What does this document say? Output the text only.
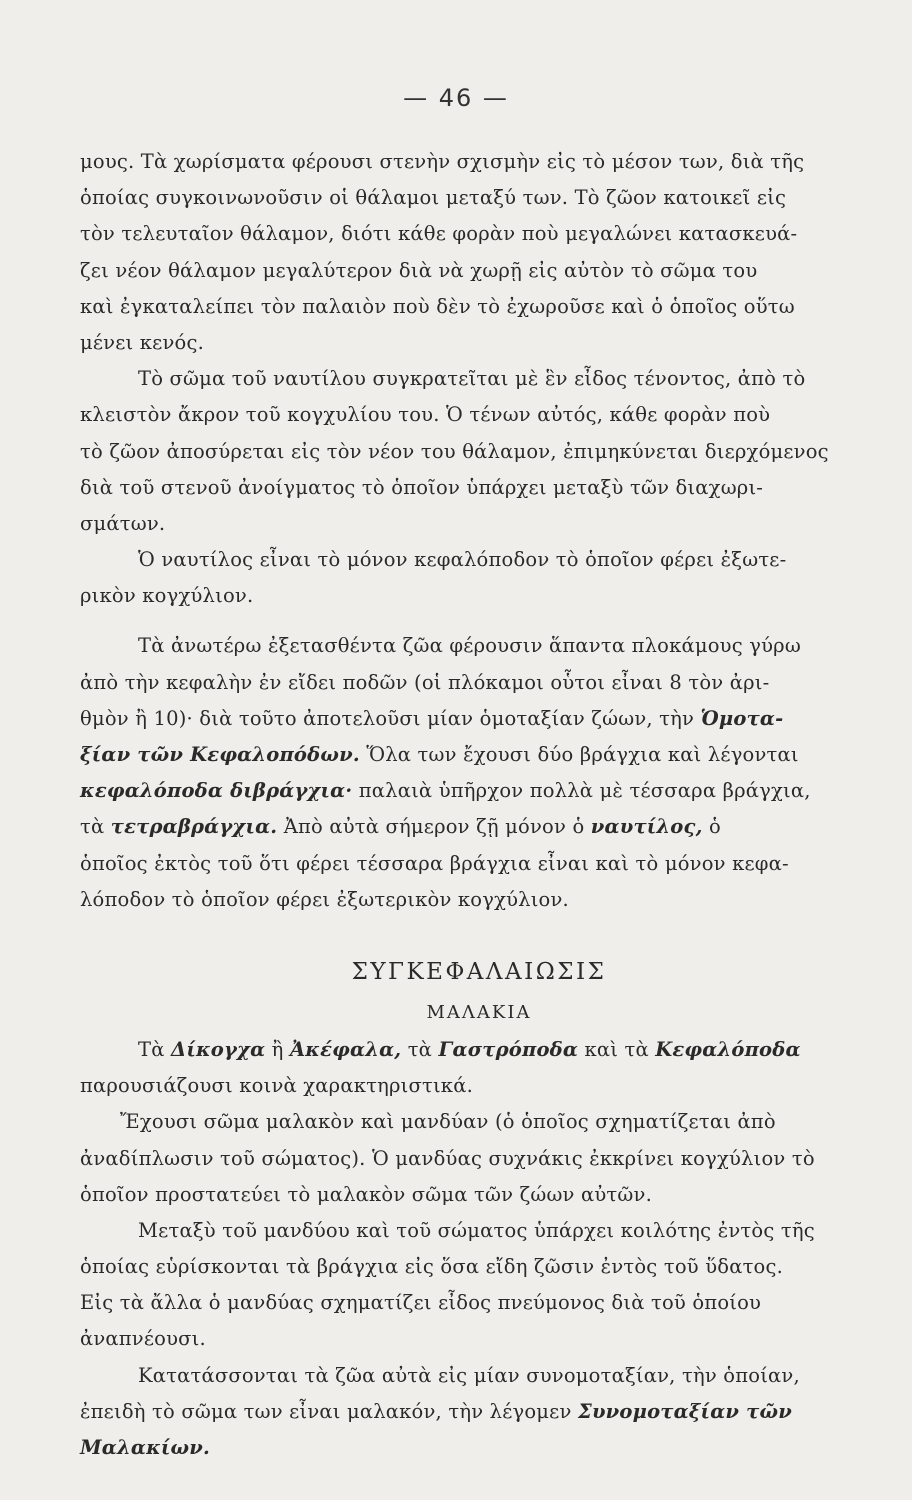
— 46 —
μους. Τὰ χωρίσματα φέρουσι στενὴν σχισμὴν εἰς τὸ μέσον των, διὰ τῆς
ὁποίας συγκοινωνοῦσιν οἱ θάλαμοι μεταξύ των. Τὸ ζῶον κατοικεῖ εἰς
τὸν τελευταῖον θάλαμον, διότι κάθε φορὰν ποὺ μεγαλώνει κατασκευά-
ζει νέον θάλαμον μεγαλύτερον διὰ νὰ χωρῇ εἰς αὐτὸν τὸ σῶμα του
καὶ ἐγκαταλείπει τὸν παλαιὸν ποὺ δὲν τὸ ἐχωροῦσε καὶ ὁ ὁποῖος οὕτω
μένει κενός.
Τὸ σῶμα τοῦ ναυτίλου συγκρατεῖται μὲ ἓν εἶδος τένοντος, ἀπὸ τὸ
κλειστὸν ἄκρον τοῦ κογχυλίου του. Ὁ τένων αὐτός, κάθε φορὰν ποὺ
τὸ ζῶον ἀποσύρεται εἰς τὸν νέον του θάλαμον, ἐπιμηκύνεται διερχόμενος
διὰ τοῦ στενοῦ ἀνοίγματος τὸ ὁποῖον ὑπάρχει μεταξὺ τῶν διαχωρι-
σμάτων.
Ὁ ναυτίλος εἶναι τὸ μόνον κεφαλόποδον τὸ ὁποῖον φέρει ἐξωτε-
ρικὸν κογχύλιον.
Τὰ ἀνωτέρω ἐξετασθέντα ζῶα φέρουσιν ἅπαντα πλοκάμους γύρω
ἀπὸ τὴν κεφαλὴν ἐν εἴδει ποδῶν (οἱ πλόκαμοι οὗτοι εἶναι 8 τὸν ἀρι-
θμὸν ἢ 10)· διὰ τοῦτο ἀποτελοῦσι μίαν ὁμοταξίαν ζώων, τὴν Ὁμοτα-
ξίαν τῶν Κεφαλοπόδων. Ὅλα των ἔχουσι δύο βράγχια καὶ λέγονται
κεφαλόποδα διβράγχια· παλαιὰ ὑπῆρχον πολλὰ μὲ τέσσαρα βράγχια,
τὰ τετραβράγχια. Ἀπὸ αὐτὰ σήμερον ζῇ μόνον ὁ ναυτίλος, ὁ
ὁποῖος ἐκτὸς τοῦ ὅτι φέρει τέσσαρα βράγχια εἶναι καὶ τὸ μόνον κεφα-
λόποδον τὸ ὁποῖον φέρει ἐξωτερικὸν κογχύλιον.
ΣΥΓΚΕΦΑΛΑΙΩΣΙΣ
ΜΑΛΑΚΙΑ
Τὰ Δίκογχα ἢ Ἀκέφαλα, τὰ Γαστρόποδα καὶ τὰ Κεφαλόποδα
παρουσιάζουσι κοινὰ χαρακτηριστικά.
Ἔχουσι σῶμα μαλακὸν καὶ μανδύαν (ὁ ὁποῖος σχηματίζεται ἀπὸ
ἀναδίπλωσιν τοῦ σώματος). Ὁ μανδύας συχνάκις ἐκκρίνει κογχύλιον τὸ
ὁποῖον προστατεύει τὸ μαλακὸν σῶμα τῶν ζώων αὐτῶν.
Μεταξὺ τοῦ μανδύου καὶ τοῦ σώματος ὑπάρχει κοιλότης ἐντὸς τῆς
ὁποίας εὑρίσκονται τὰ βράγχια εἰς ὅσα εἴδη ζῶσιν ἐντὸς τοῦ ὕδατος.
Εἰς τὰ ἄλλα ὁ μανδύας σχηματίζει εἶδος πνεύμονος διὰ τοῦ ὁποίου
ἀναπνέουσι.
Κατατάσσονται τὰ ζῶα αὐτὰ εἰς μίαν συνομοταξίαν, τὴν ὁποίαν,
ἐπειδὴ τὸ σῶμα των εἶναι μαλακόν, τὴν λέγομεν Συνομοταξίαν τῶν
Μαλακίων.
